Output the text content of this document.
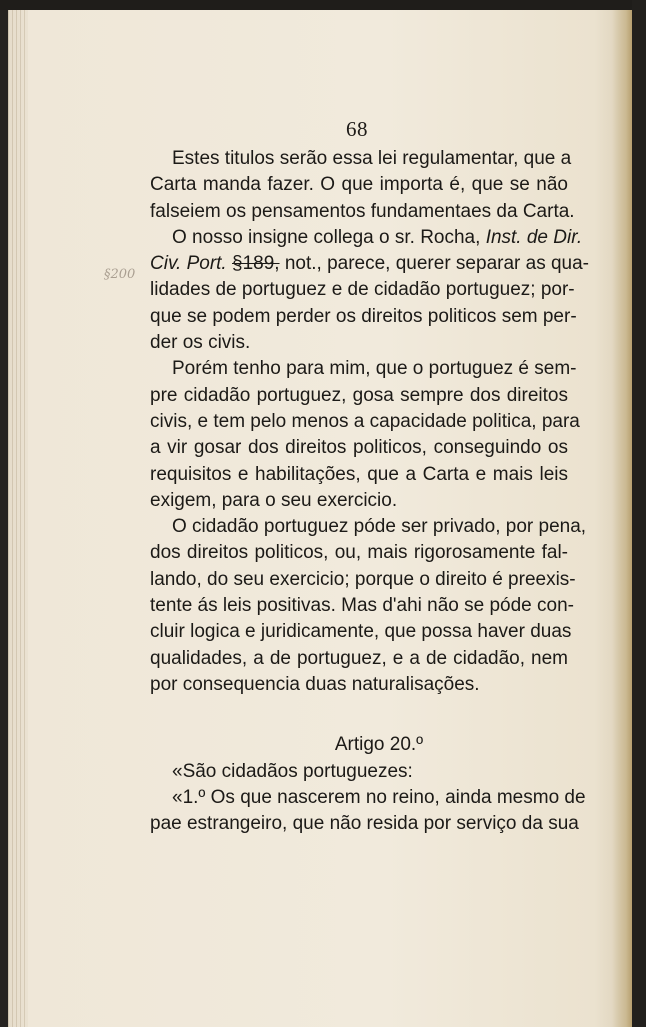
68
§200
Estes titulos serão essa lei regulamentar, que a
Carta manda fazer. O que importa é, que se não
falseiem os pensamentos fundamentaes da Carta.
O nosso insigne collega o sr. Rocha, Inst. de Dir.
Civ. Port. §189, not., parece, querer separar as qua-
lidades de portuguez e de cidadão portuguez; por-
que se podem perder os direitos politicos sem per-
der os civis.
Porém tenho para mim, que o portuguez é sem-
pre cidadão portuguez, gosa sempre dos direitos
civis, e tem pelo menos a capacidade politica, para
a vir gosar dos direitos politicos, conseguindo os
requisitos e habilitações, que a Carta e mais leis
exigem, para o seu exercicio.
O cidadão portuguez póde ser privado, por pena,
dos direitos politicos, ou, mais rigorosamente fal-
lando, do seu exercicio; porque o direito é preexis-
tente ás leis positivas. Mas d'ahi não se póde con-
cluir logica e juridicamente, que possa haver duas
qualidades, a de portuguez, e a de cidadão, nem
por consequencia duas naturalisações.
Artigo 20.º
«São cidadãos portuguezes:
«1.º Os que nascerem no reino, ainda mesmo de
pae estrangeiro, que não resida por serviço da sua
